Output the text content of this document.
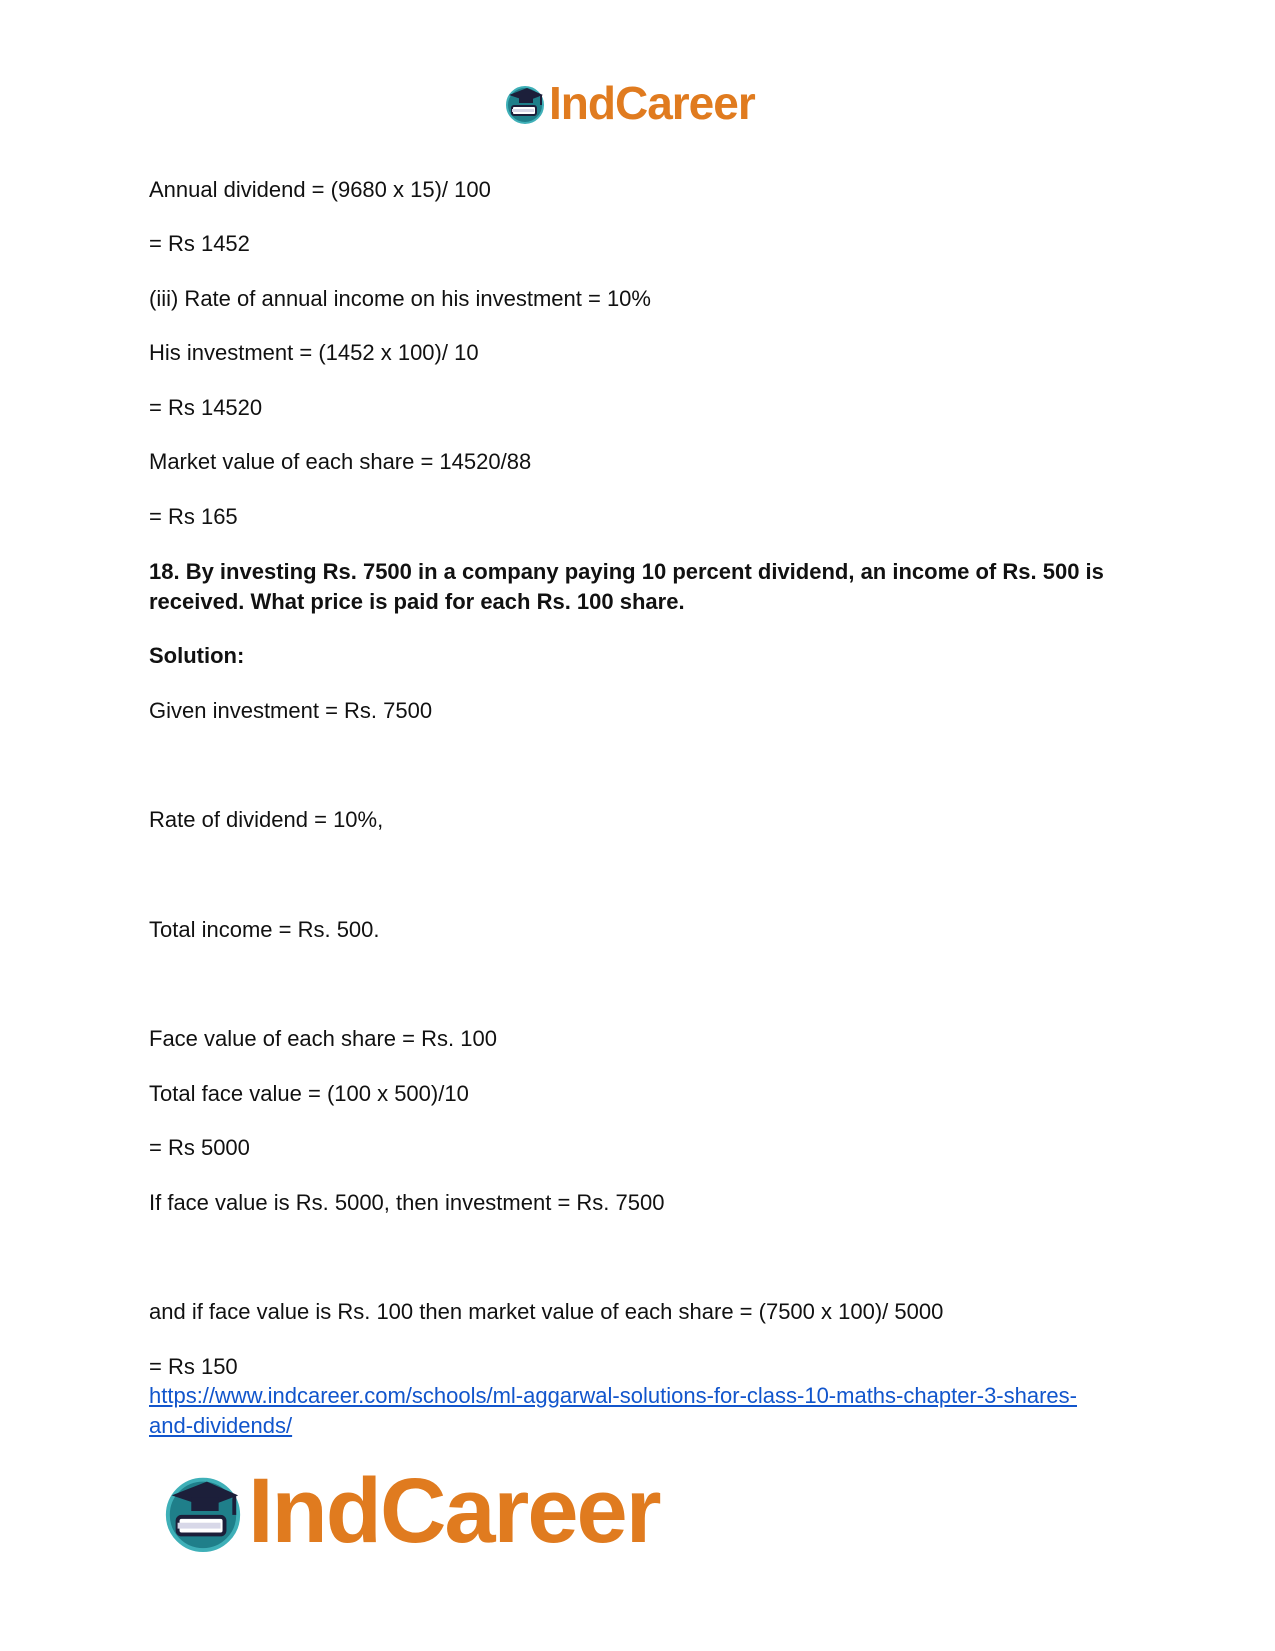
IndCareer

Annual dividend = (9680 x 15)/ 100

= Rs 1452

(iii) Rate of annual income on his investment = 10%

His investment = (1452 x 100)/ 10

= Rs 14520

Market value of each share = 14520/88

= Rs 165

18. By investing Rs. 7500 in a company paying 10 percent dividend, an income of Rs. 500 is received. What price is paid for each Rs. 100 share.

Solution:

Given investment = Rs. 7500

Rate of dividend = 10%,

Total income = Rs. 500.

Face value of each share = Rs. 100

Total face value = (100 x 500)/10

= Rs 5000

If face value is Rs. 5000, then investment = Rs. 7500

and if face value is Rs. 100 then market value of each share = (7500 x 100)/ 5000

= Rs 150

https://www.indcareer.com/schools/ml-aggarwal-solutions-for-class-10-maths-chapter-3-shares-and-dividends/
IndCareer
